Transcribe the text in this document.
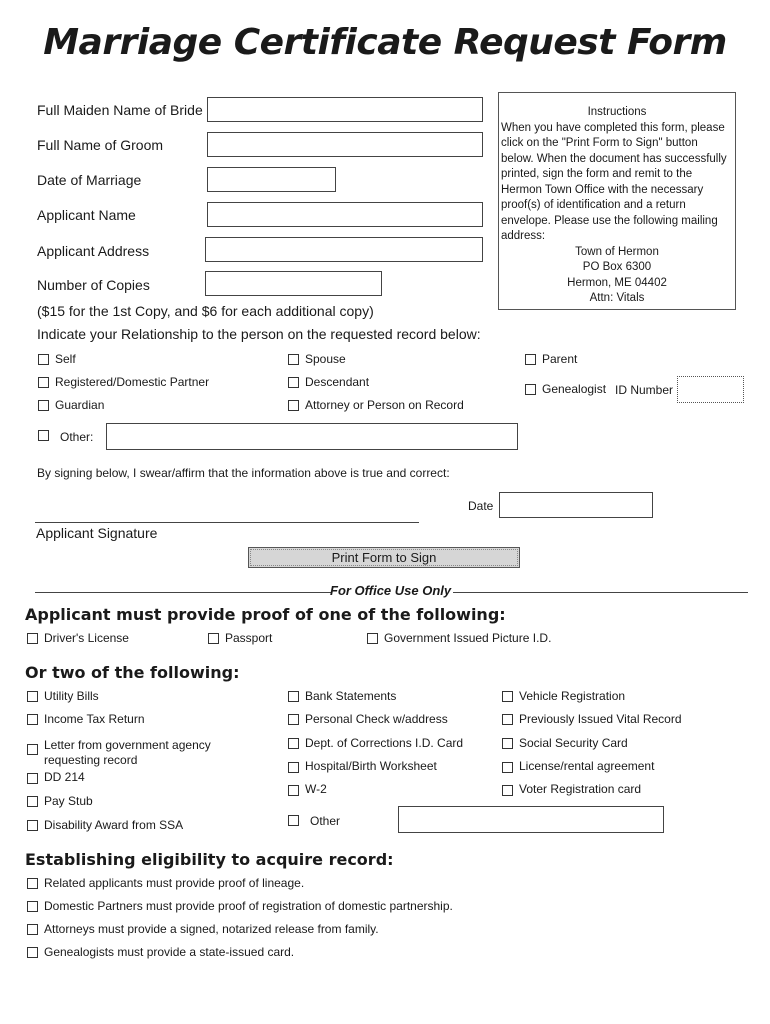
Marriage Certificate Request Form
Full Maiden Name of Bride
Full Name of Groom
Date of Marriage
Applicant Name
Applicant Address
Number of Copies
($15 for the 1st Copy, and $6 for each additional copy)
Indicate your Relationship to the person on the requested record below:
Instructions
When you have completed this form, please click on the "Print Form to Sign" button below. When the document has successfully printed, sign the form and remit to the Hermon Town Office with the necessary proof(s) of identification and a return envelope. Please use the following mailing address:
Town of Hermon
PO Box 6300
Hermon, ME 04402
Attn: Vitals
Self	Spouse	Parent
Registered/Domestic Partner	Descendant	Genealogist ID Number
Guardian	Attorney or Person on Record
Other:
By signing below, I swear/affirm that the information above is true and correct:
Date
Applicant Signature
Print Form to Sign
For Office Use Only
Applicant must provide proof of one of the following:
Driver's License	Passport	Government Issued Picture I.D.
Or two of the following:
Utility Bills
Income Tax Return
Letter from government agency
requesting record
DD 214
Pay Stub
Disability Award from SSA
Bank Statements
Personal Check w/address
Dept. of Corrections I.D. Card
Hospital/Birth Worksheet
W-2
Other
Vehicle Registration
Previously Issued Vital Record
Social Security Card
License/rental agreement
Voter Registration card
Establishing eligibility to acquire record:
Related applicants must provide proof of lineage.
Domestic Partners must provide proof of registration of domestic partnership.
Attorneys must provide a signed, notarized release from family.
Genealogists must provide a state-issued card.
